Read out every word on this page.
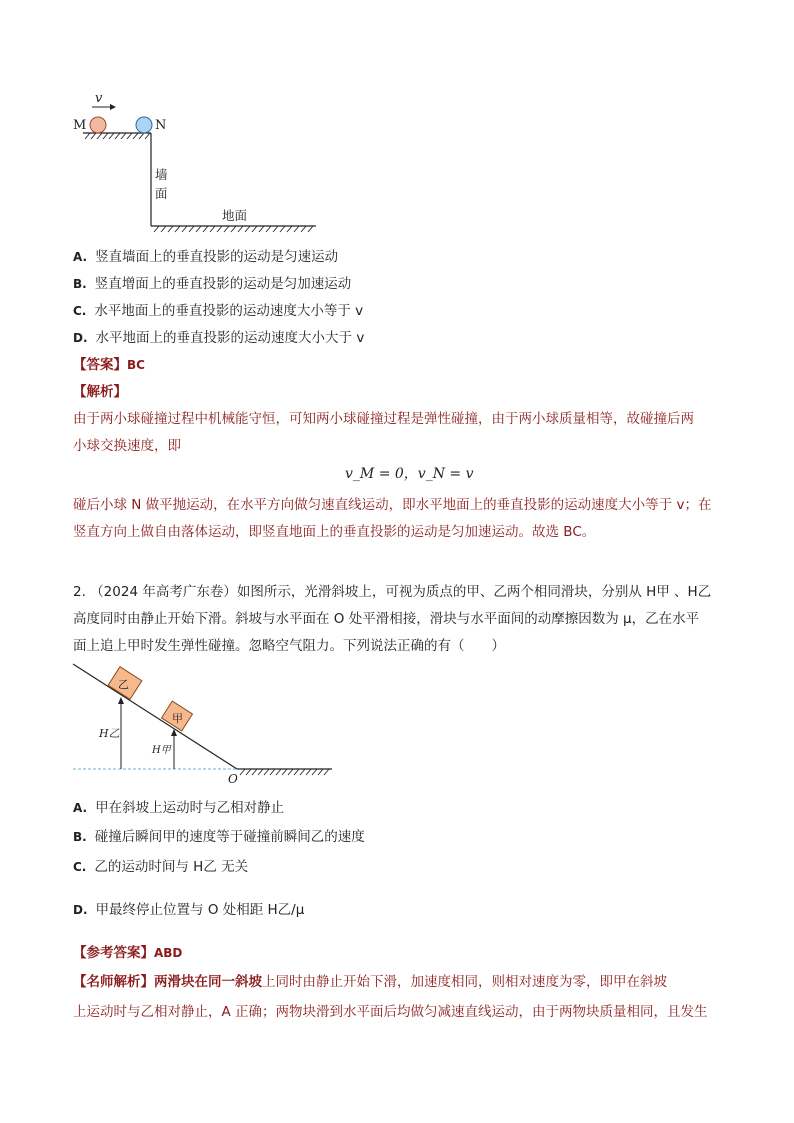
v
M	N
墙
面
地面
A. 竖直墙面上的垂直投影的运动是匀速运动
B. 竖直增面上的垂直投影的运动是匀加速运动
C. 水平地面上的垂直投影的运动速度大小等于 v
D. 水平地面上的垂直投影的运动速度大小大于 v
【答案】BC
【解析】
由于两小球碰撞过程中机械能守恒，可知两小球碰撞过程是弹性碰撞，由于两小球质量相等，故碰撞后两
小球交换速度，即
v_M = 0，v_N = v
碰后小球 N 做平抛运动，在水平方向做匀速直线运动，即水平地面上的垂直投影的运动速度大小等于 v；在
竖直方向上做自由落体运动，即竖直地面上的垂直投影的运动是匀加速运动。故选 BC。
2. （2024 年高考广东卷）如图所示，光滑斜坡上，可视为质点的甲、乙两个相同滑块，分别从 H甲 、H乙
高度同时由静止开始下滑。斜坡与水平面在 O 处平滑相接，滑块与水平面间的动摩擦因数为 μ，乙在水平
面上追上甲时发生弹性碰撞。忽略空气阻力。下列说法正确的有（　　）
乙
甲
H乙
H甲
O
A. 甲在斜坡上运动时与乙相对静止
B. 碰撞后瞬间甲的速度等于碰撞前瞬间乙的速度
C. 乙的运动时间与 H乙 无关
D. 甲最终停止位置与 O 处相距 H乙/μ
【参考答案】ABD
【名师解析】两滑块在同一斜坡上同时由静止开始下滑，加速度相同，则相对速度为零，即甲在斜坡
上运动时与乙相对静止，A 正确；两物块滑到水平面后均做匀减速直线运动，由于两物块质量相同，且发生
